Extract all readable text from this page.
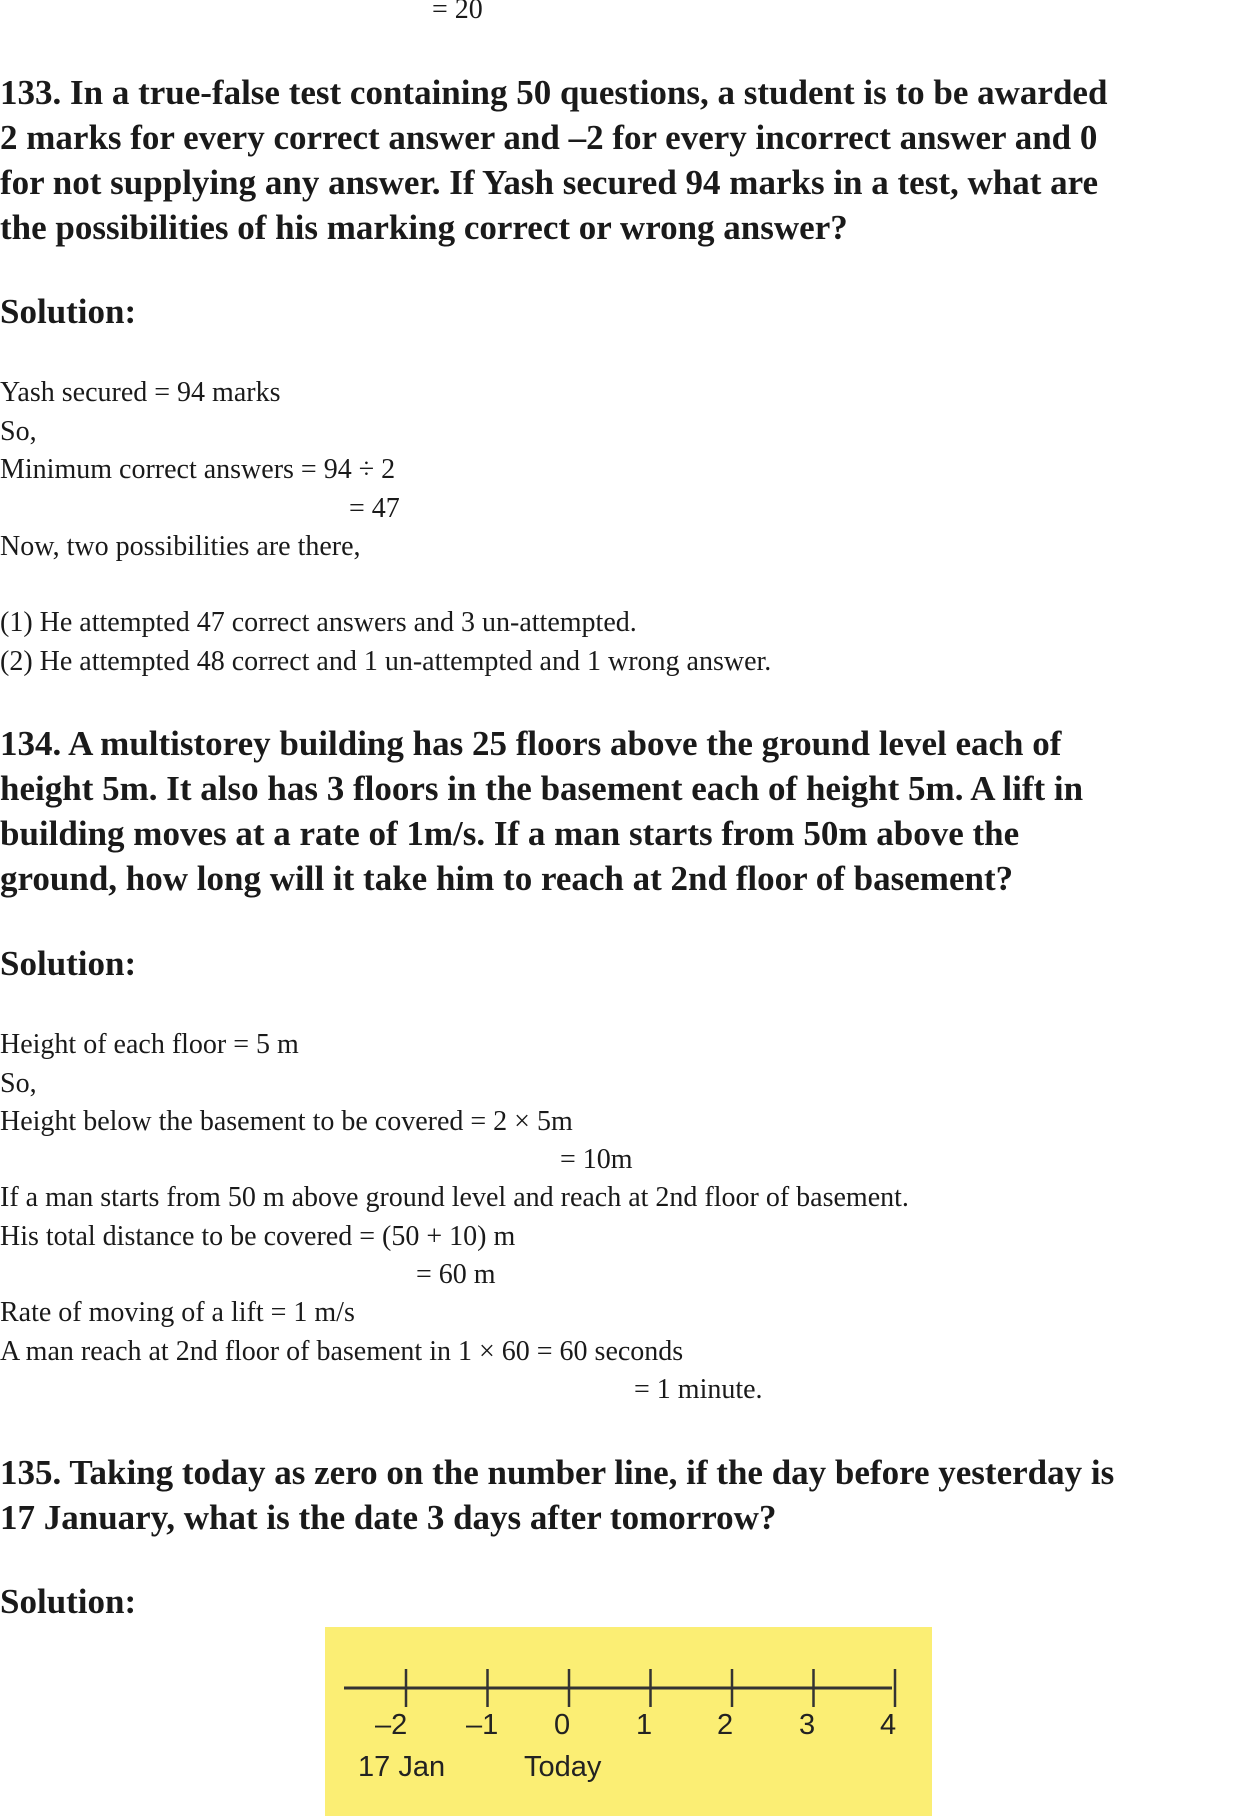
= 20
133. In a true-false test containing 50 questions, a student is to be awarded
2 marks for every correct answer and –2 for every incorrect answer and 0
for not supplying any answer. If Yash secured 94 marks in a test, what are
the possibilities of his marking correct or wrong answer?
Solution:
Yash secured = 94 marks
So,
Minimum correct answers = 94 ÷ 2
= 47
Now, two possibilities are there,
(1) He attempted 47 correct answers and 3 un-attempted.
(2) He attempted 48 correct and 1 un-attempted and 1 wrong answer.
134. A multistorey building has 25 floors above the ground level each of
height 5m. It also has 3 floors in the basement each of height 5m. A lift in
building moves at a rate of 1m/s. If a man starts from 50m above the
ground, how long will it take him to reach at 2nd floor of basement?
Solution:
Height of each floor = 5 m
So,
Height below the basement to be covered = 2 × 5m
= 10m
If a man starts from 50 m above ground level and reach at 2nd floor of basement.
His total distance to be covered = (50 + 10) m
= 60 m
Rate of moving of a lift = 1 m/s
A man reach at 2nd floor of basement in 1 × 60 = 60 seconds
= 1 minute.
135. Taking today as zero on the number line, if the day before yesterday is
17 January, what is the date 3 days after tomorrow?
Solution:
–2 –1 0 1 2 3 4
17 Jan	Today
